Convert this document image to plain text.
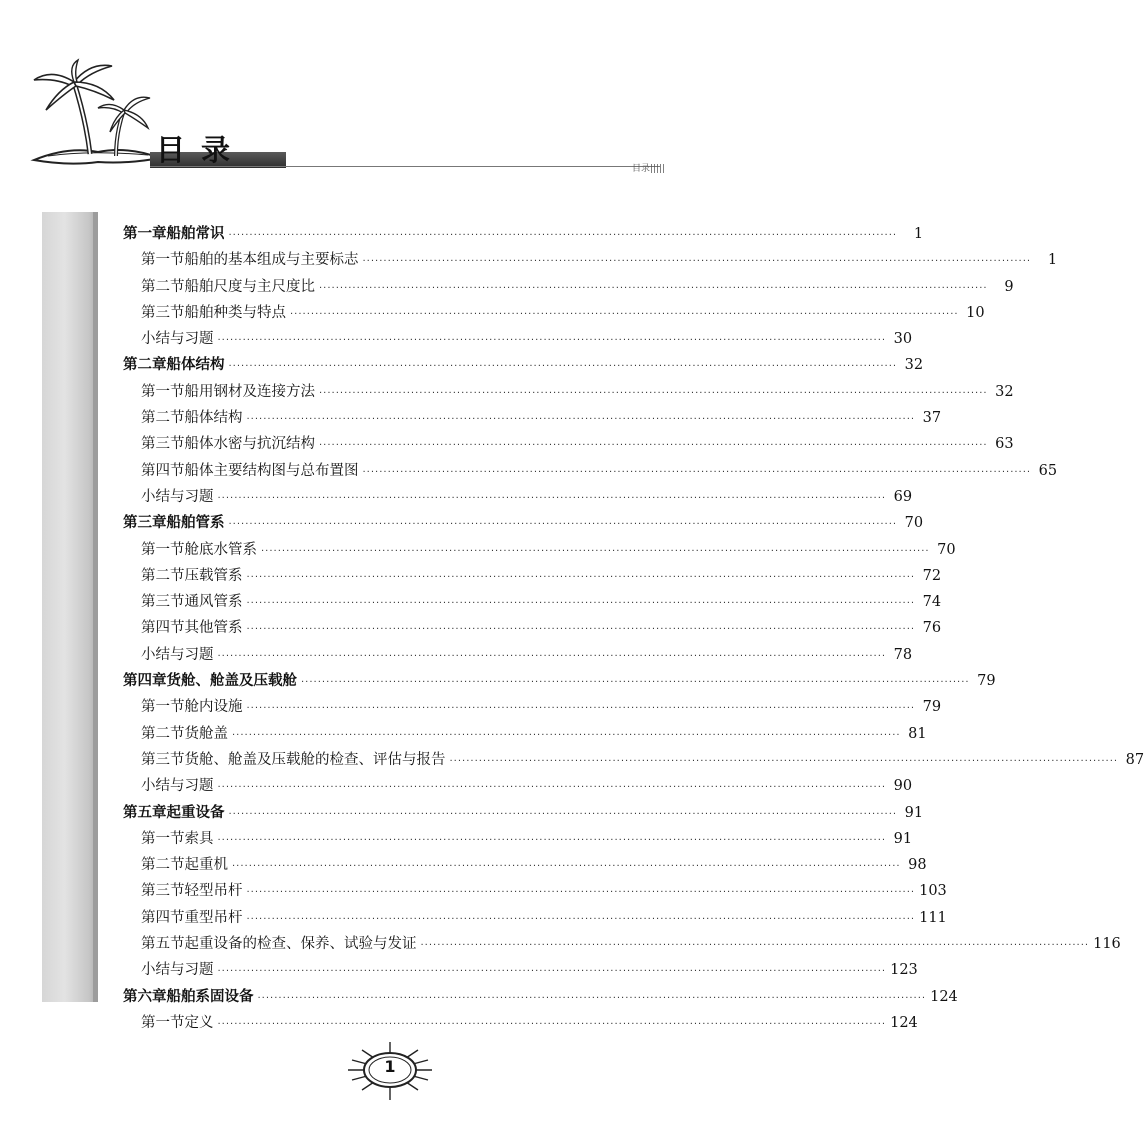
目录
目录|||||
第一章 船舶常识 ································································································································································	1
第一节 船舶的基本组成与主要标志 ································································································································································	1
第二节 船舶尺度与主尺度比 ································································································································································	9
第三节 船舶种类与特点 ································································································································································ 10
小结与习题 ································································································································································ 30
第二章 船体结构 ································································································································································ 32
第一节 船用钢材及连接方法 ································································································································································ 32
第二节 船体结构 ································································································································································ 37
第三节 船体水密与抗沉结构 ································································································································································ 63
第四节 船体主要结构图与总布置图 ································································································································································ 65
小结与习题 ································································································································································ 69
第三章 船舶管系 ································································································································································ 70
第一节 舱底水管系 ································································································································································ 70
第二节 压载管系 ································································································································································ 72
第三节 通风管系 ································································································································································ 74
第四节 其他管系 ································································································································································ 76
小结与习题 ································································································································································ 78
第四章 货舱、舱盖及压载舱 ································································································································································ 79
第一节 舱内设施 ································································································································································ 79
第二节 货舱盖 ································································································································································ 81
第三节 货舱、舱盖及压载舱的检查、评估与报告 ································································································································································ 87
小结与习题 ································································································································································ 90
第五章 起重设备 ································································································································································ 91
第一节 索具 ································································································································································ 91
第二节 起重机 ································································································································································ 98
第三节 轻型吊杆 ································································································································································ 103
第四节 重型吊杆 ································································································································································ 111
第五节 起重设备的检查、保养、试验与发证 ································································································································································ 116
小结与习题 ································································································································································ 123
第六章 船舶系固设备 ································································································································································ 124
第一节 定义 ································································································································································ 124
1
